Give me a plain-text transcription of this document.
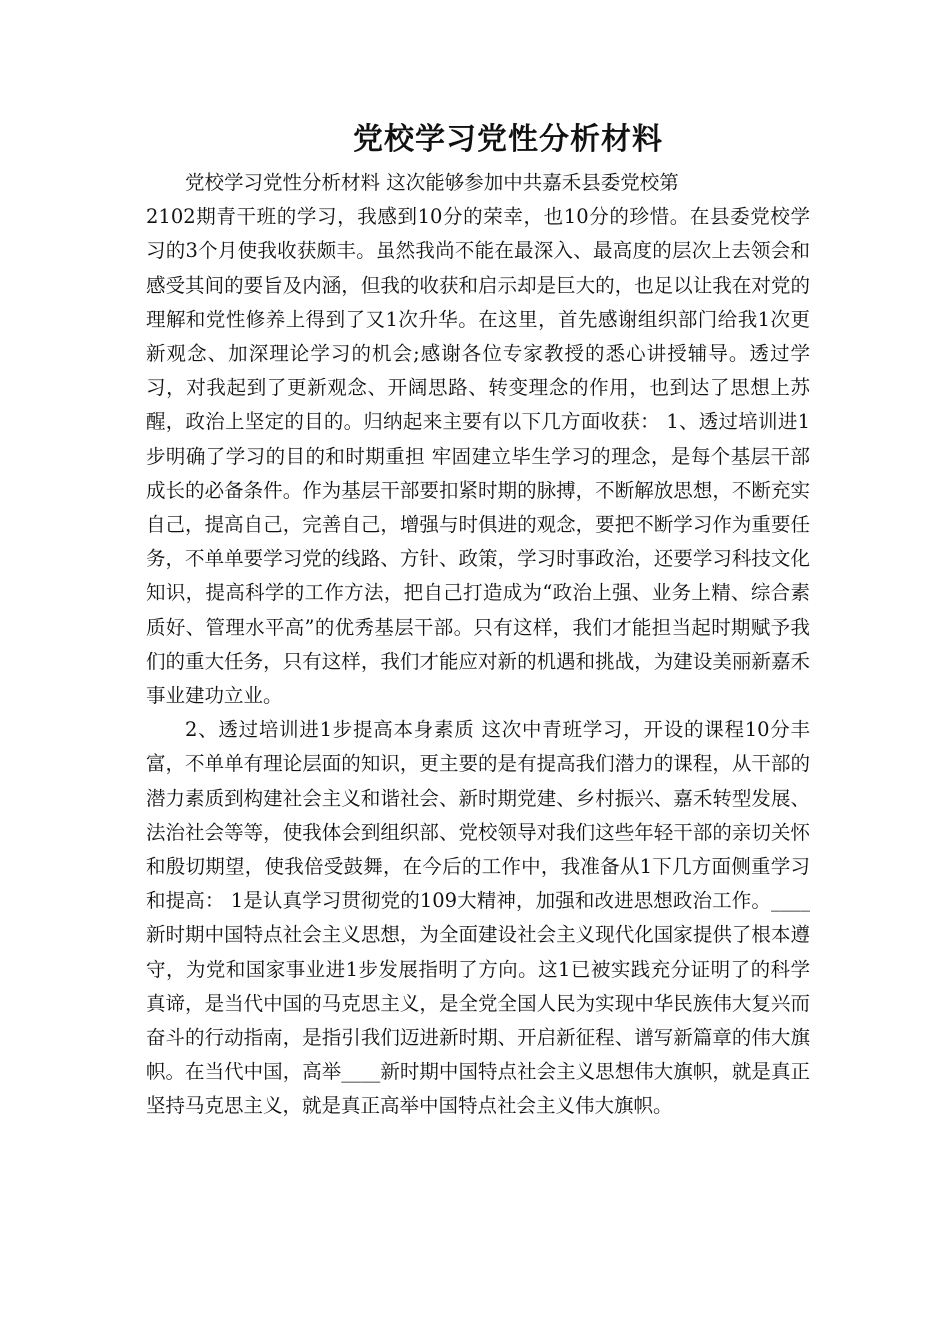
党校学习党性分析材料

党校学习党性分析材料 这次能够参加中共嘉禾县委党校第

2102期青干班的学习，我感到10分的荣幸，也10分的珍惜。在县委党校学习的3个月使我收获颇丰。虽然我尚不能在最深入、最高度的层次上去领会和感受其间的要旨及内涵，但我的收获和启示却是巨大的，也足以让我在对党的理解和党性修养上得到了又1次升华。在这里，首先感谢组织部门给我1次更新观念、加深理论学习的机会;感谢各位专家教授的悉心讲授辅导。透过学习，对我起到了更新观念、开阔思路、转变理念的作用，也到达了思想上苏醒，政治上坚定的目的。归纳起来主要有以下几方面收获： 1、透过培训进1步明确了学习的目的和时期重担 牢固建立毕生学习的理念，是每个基层干部成长的必备条件。作为基层干部要扣紧时期的脉搏，不断解放思想，不断充实自己，提高自己，完善自己，增强与时俱进的观念，要把不断学习作为重要任务，不单单要学习党的线路、方针、政策，学习时事政治，还要学习科技文化知识，提高科学的工作方法，把自己打造成为“政治上强、业务上精、综合素质好、管理水平高”的优秀基层干部。只有这样，我们才能担当起时期赋予我们的重大任务，只有这样，我们才能应对新的机遇和挑战，为建设美丽新嘉禾事业建功立业。

2、透过培训进1步提高本身素质 这次中青班学习，开设的课程10分丰富，不单单有理论层面的知识，更主要的是有提高我们潜力的课程，从干部的潜力素质到构建社会主义和谐社会、新时期党建、乡村振兴、嘉禾转型发展、法治社会等等，使我体会到组织部、党校领导对我们这些年轻干部的亲切关怀和殷切期望，使我倍受鼓舞，在今后的工作中，我准备从1下几方面侧重学习和提高： 1是认真学习贯彻党的109大精神，加强和改进思想政治工作。____新时期中国特点社会主义思想，为全面建设社会主义现代化国家提供了根本遵守，为党和国家事业进1步发展指明了方向。这1已被实践充分证明了的科学真谛，是当代中国的马克思主义，是全党全国人民为实现中华民族伟大复兴而奋斗的行动指南，是指引我们迈进新时期、开启新征程、谱写新篇章的伟大旗帜。在当代中国，高举____新时期中国特点社会主义思想伟大旗帜，就是真正坚持马克思主义，就是真正高举中国特点社会主义伟大旗帜。
